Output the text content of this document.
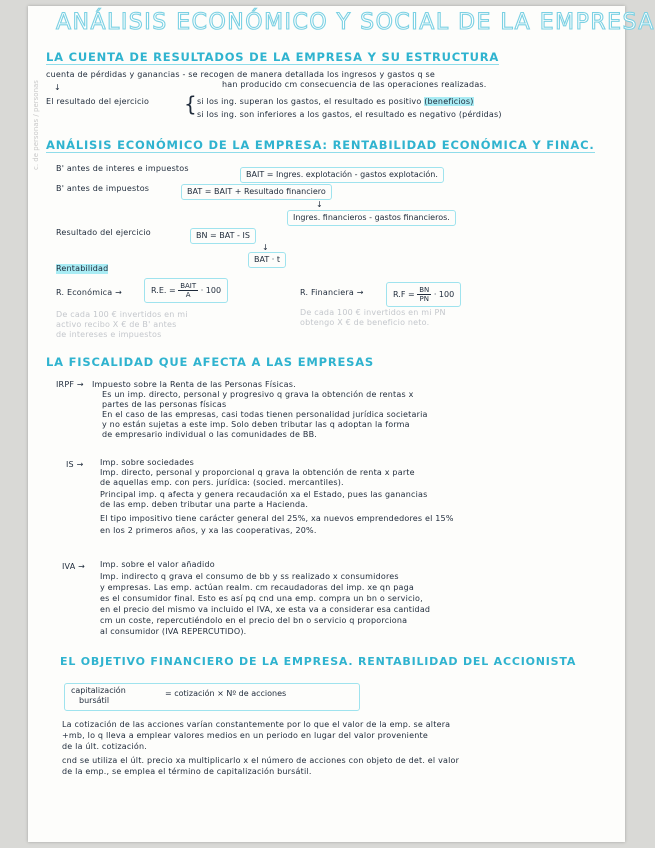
c. de personas / personas
ANÁLISIS ECONÓMICO Y SOCIAL DE LA EMPRESA
LA CUENTA DE RESULTADOS DE LA EMPRESA Y SU ESTRUCTURA
cuenta de pérdidas y ganancias - se recogen de manera detallada los ingresos y gastos q se
han producido cm consecuencia de las operaciones realizadas.
↓
El resultado del ejercicio { si los ing. superan los gastos, el resultado es positivo (beneficios)
si los ing. son inferiores a los gastos, el resultado es negativo (pérdidas)
ANÁLISIS ECONÓMICO DE LA EMPRESA: RENTABILIDAD ECONÓMICA Y FINAC.
B' antes de interes e impuestos
BAIT = Ingres. explotación - gastos explotación.
B' antes de impuestos	BAT = BAIT + Resultado financiero
↓
Ingres. financieros - gastos financieros.
Resultado del ejercicio	BN = BAT - IS
↓
BAT · t
Rentabilidad
R. Económica →	R.E. = $\frac{\text{BAIT}}{A} \cdot 100$	R. Financiera →	$R.F = \frac{BN}{PN} \cdot 100$
De cada 100 € invertidos en mi
activo recibo X € de B' antes
de intereses e impuestos
De cada 100 € invertidos en mi PN
obtengo X € de beneficio neto.
LA FISCALIDAD QUE AFECTA A LAS EMPRESAS
IRPF → Impuesto sobre la Renta de las Personas Físicas.
Es un imp. directo, personal y progresivo q grava la obtención de rentas x
partes de las personas físicas
En el caso de las empresas, casi todas tienen personalidad jurídica societaria
y no están sujetas a este imp. Solo deben tributar las q adoptan la forma
de empresario individual o las comunidades de BB.
IS → Imp. sobre sociedades
Imp. directo, personal y proporcional q grava la obtención de renta x parte
de aquellas emp. con pers. jurídica: (socied. mercantiles).
Principal imp. q afecta y genera recaudación xa el Estado, pues las ganancias
de las emp. deben tributar una parte a Hacienda.
El tipo impositivo tiene carácter general del 25%, xa nuevos emprendedores el 15%
en los 2 primeros años, y xa las cooperativas, 20%.
IVA → Imp. sobre el valor añadido
Imp. indirecto q grava el consumo de bb y ss realizado x consumidores
y empresas. Las emp. actúan realm. cm recaudadoras del imp. xe qn paga
es el consumidor final. Esto es así pq cnd una emp. compra un bn o servicio,
en el precio del mismo va incluido el IVA, xe esta va a considerar esa cantidad
cm un coste, repercutiéndolo en el precio del bn o servicio q proporciona
al consumidor (IVA REPERCUTIDO).
EL OBJETIVO FINANCIERO DE LA EMPRESA. RENTABILIDAD DEL ACCIONISTA
capitalización
bursátil
= cotización × Nº de acciones
La cotización de las acciones varían constantemente por lo que el valor de la emp. se altera
+mb, lo q lleva a emplear valores medios en un periodo en lugar del valor proveniente
de la últ. cotización.
cnd se utiliza el últ. precio xa multiplicarlo x el número de acciones con objeto de det. el valor
de la emp., se emplea el término de capitalización bursátil.
